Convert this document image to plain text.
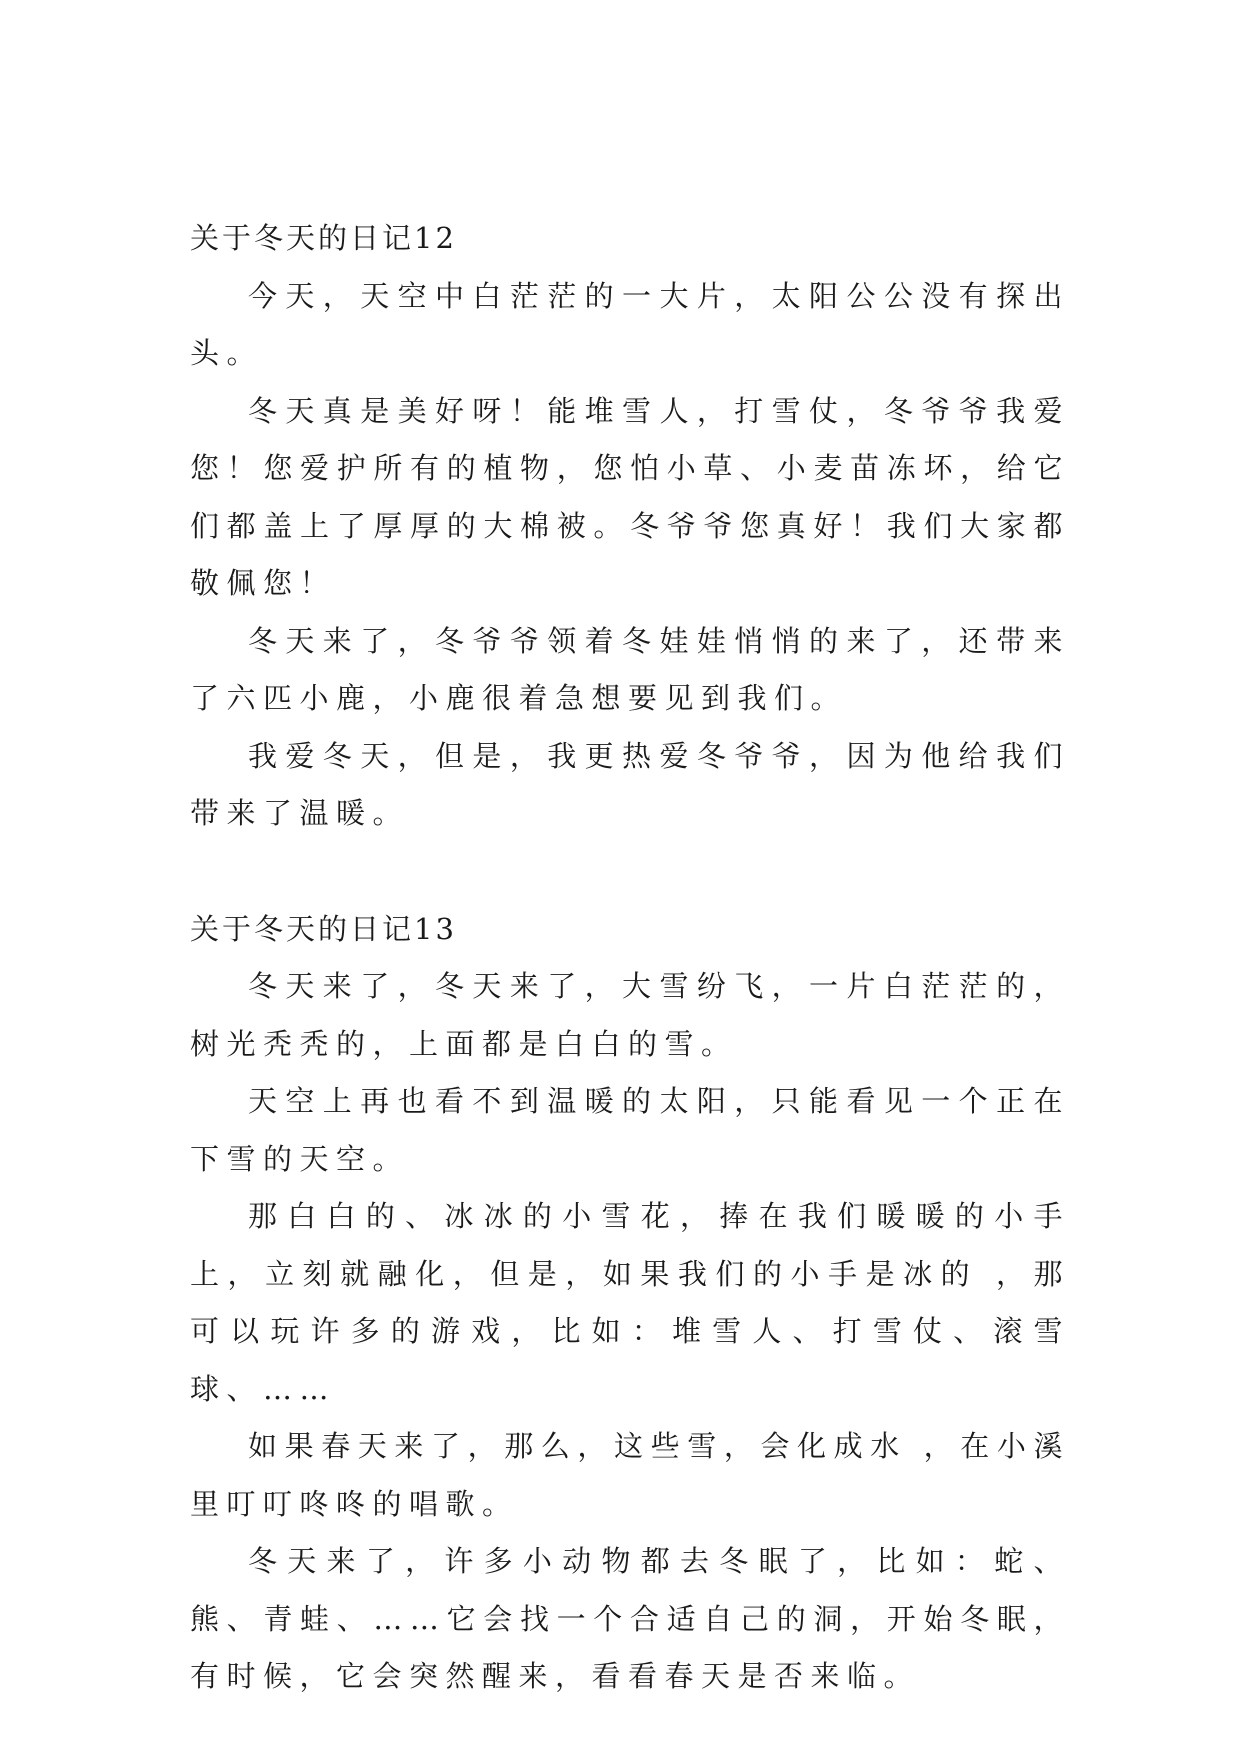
关于冬天的日记12

今天，天空中白茫茫的一大片，太阳公公没有探出头。

冬天真是美好呀！能堆雪人，打雪仗，冬爷爷我爱您！您爱护所有的植物，您怕小草、小麦苗冻坏，给它们都盖上了厚厚的大棉被。冬爷爷您真好！我们大家都敬佩您！

冬天来了，冬爷爷领着冬娃娃悄悄的来了，还带来了六匹小鹿，小鹿很着急想要见到我们。

我爱冬天，但是，我更热爱冬爷爷，因为他给我们带来了温暖。

关于冬天的日记13

冬天来了，冬天来了，大雪纷飞，一片白茫茫的，树光秃秃的，上面都是白白的雪。

天空上再也看不到温暖的太阳，只能看见一个正在下雪的天空。

那白白的、冰冰的小雪花，捧在我们暖暖的小手上，立刻就融化，但是，如果我们的小手是冰的 ，那可以玩许多的游戏，比如：堆雪人、打雪仗、滚雪球、……

如果春天来了，那么，这些雪，会化成水 ，在小溪里叮叮咚咚的唱歌。

冬天来了，许多小动物都去冬眠了，比如：蛇、熊、青蛙、……它会找一个合适自己的洞，开始冬眠，有时候，它会突然醒来，看看春天是否来临。
